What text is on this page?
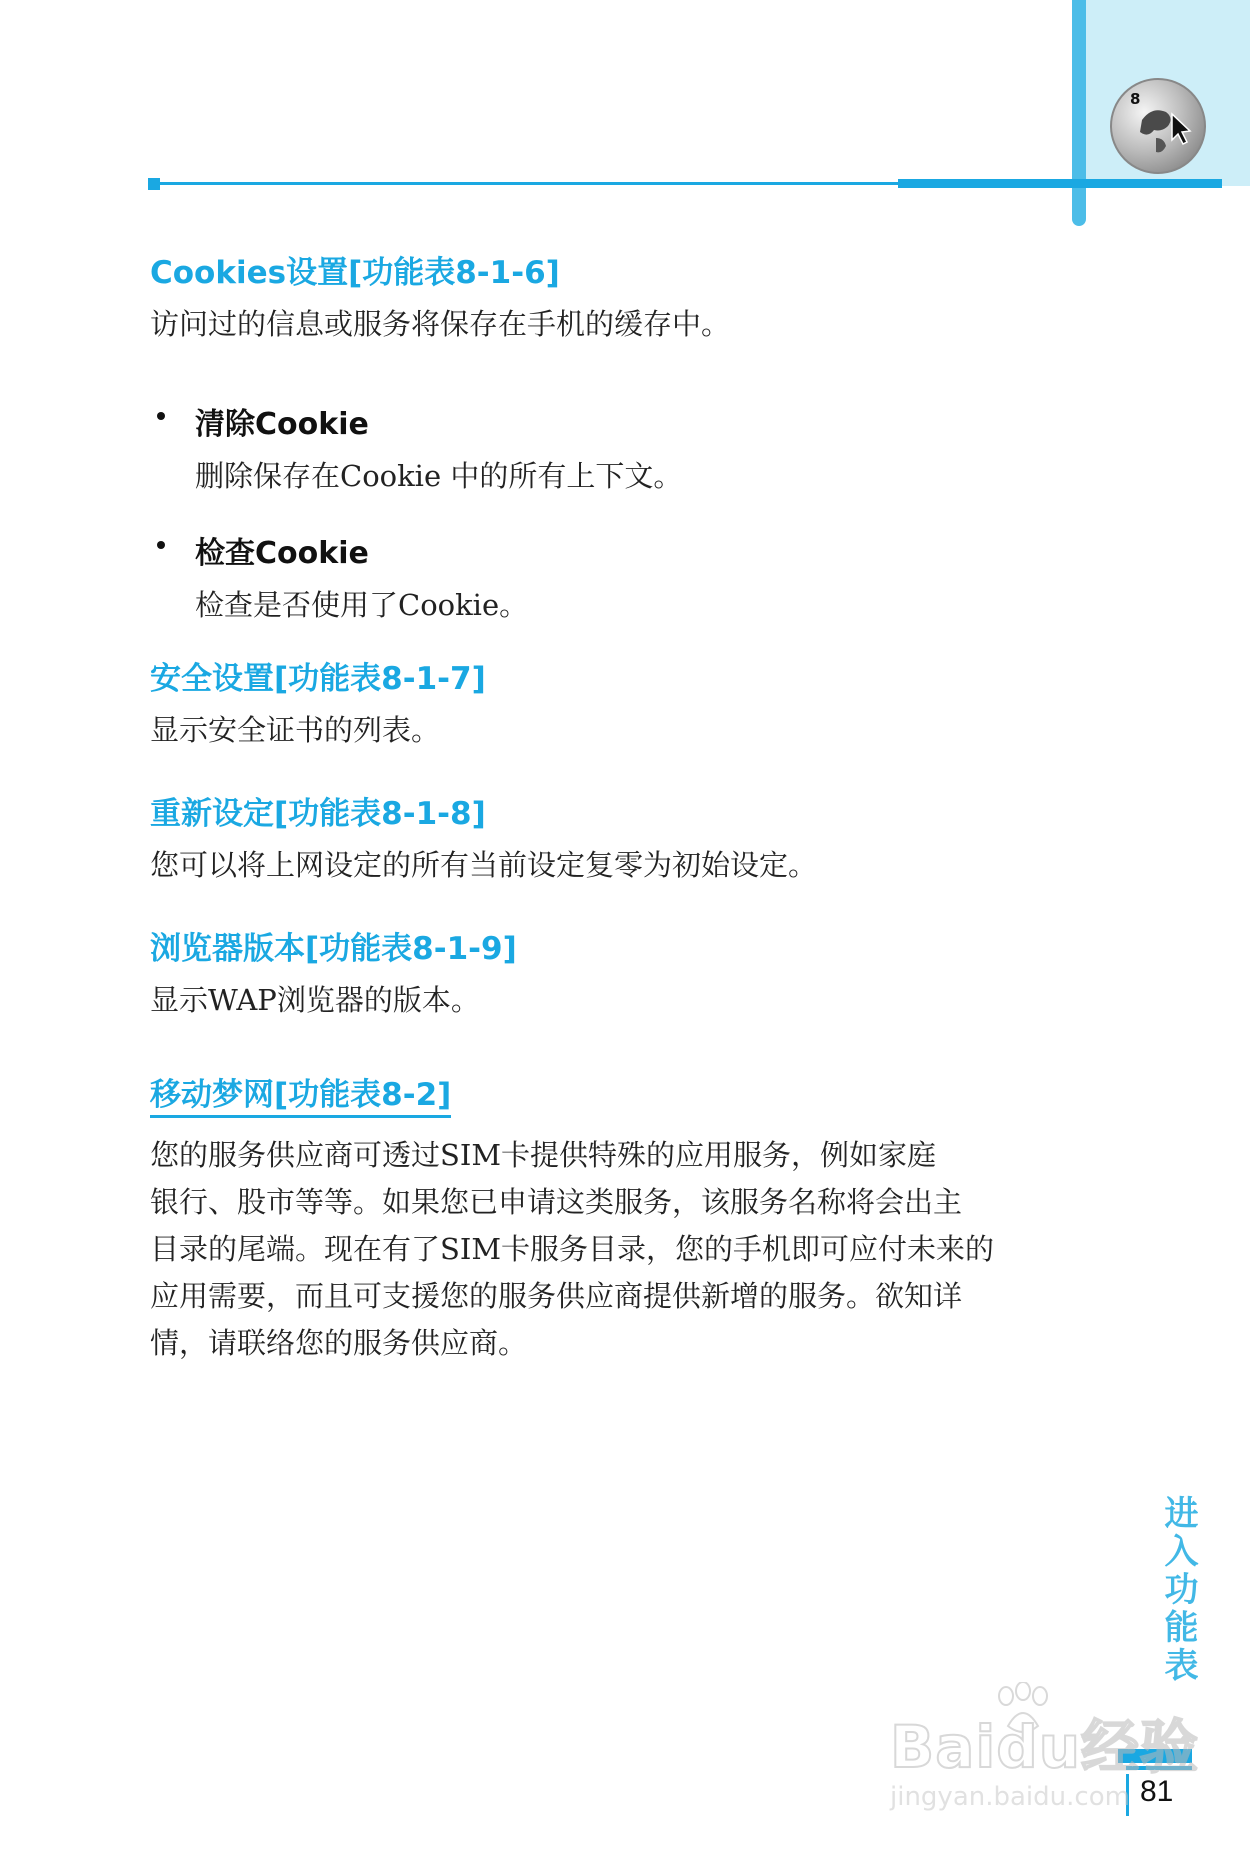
8
Cookies设置[功能表8-1-6]

访问过的信息或服务将保存在手机的缓存中。

清除Cookie

删除保存在Cookie 中的所有上下文。

检查Cookie

检查是否使用了Cookie。

安全设置[功能表8-1-7]

显示安全证书的列表。

重新设定[功能表8-1-8]

您可以将上网设定的所有当前设定复零为初始设定。

浏览器版本[功能表8-1-9]

显示WAP浏览器的版本。

移动梦网[功能表8-2]

您的服务供应商可透过SIM卡提供特殊的应用服务，例如家庭

银行、股市等等。如果您已申请这类服务，该服务名称将会出主

目录的尾端。现在有了SIM卡服务目录，您的手机即可应付未来的

应用需要，而且可支援您的服务供应商提供新增的服务。欲知详

情，请联络您的服务供应商。

进入功能表
81
Baidu经验
jingyan.baidu.com
